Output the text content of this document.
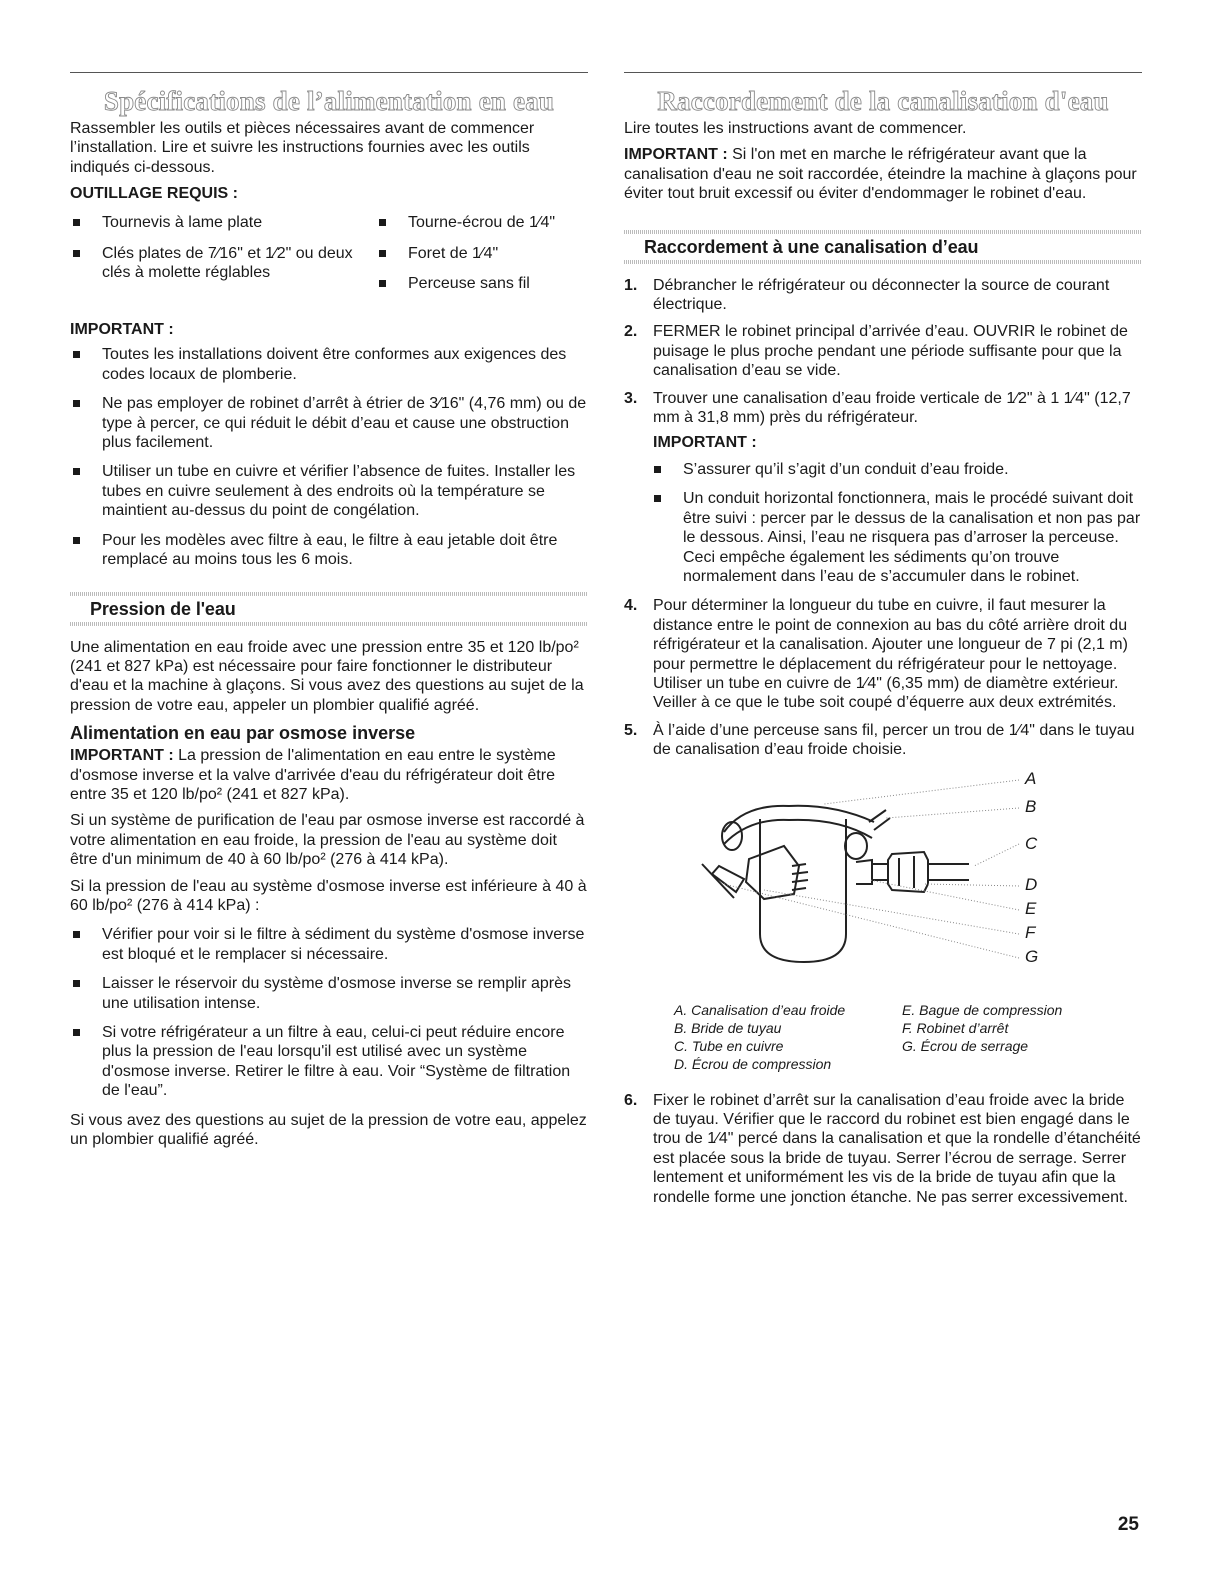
Spécifications de l’alimentation en eau

Rassembler les outils et pièces nécessaires avant de commencer l’installation. Lire et suivre les instructions fournies avec les outils indiqués ci-dessous.

OUTILLAGE REQUIS :
Tournevis à lame plate
Clés plates de 7⁄16" et 1⁄2" ou deux clés à molette réglables
Tourne-écrou de 1⁄4"
Foret de 1⁄4"
Perceuse sans fil
IMPORTANT :
Toutes les installations doivent être conformes aux exigences des codes locaux de plomberie.
Ne pas employer de robinet d’arrêt à étrier de 3⁄16" (4,76 mm) ou de type à percer, ce qui réduit le débit d’eau et cause une obstruction plus facilement.
Utiliser un tube en cuivre et vérifier l’absence de fuites. Installer les tubes en cuivre seulement à des endroits où la température se maintient au-dessus du point de congélation.
Pour les modèles avec filtre à eau, le filtre à eau jetable doit être remplacé au moins tous les 6 mois.
Pression de l'eau

Une alimentation en eau froide avec une pression entre 35 et 120 lb/po² (241 et 827 kPa) est nécessaire pour faire fonctionner le distributeur d'eau et la machine à glaçons. Si vous avez des questions au sujet de la pression de votre eau, appeler un plombier qualifié agréé.

Alimentation en eau par osmose inverse

IMPORTANT : La pression de l'alimentation en eau entre le système d'osmose inverse et la valve d'arrivée d'eau du réfrigérateur doit être entre 35 et 120 lb/po² (241 et 827 kPa).

Si un système de purification de l'eau par osmose inverse est raccordé à votre alimentation en eau froide, la pression de l'eau au système doit être d'un minimum de 40 à 60 lb/po² (276 à 414 kPa).

Si la pression de l'eau au système d'osmose inverse est inférieure à 40 à 60 lb/po² (276 à 414 kPa) :

Vérifier pour voir si le filtre à sédiment du système d'osmose inverse est bloqué et le remplacer si nécessaire.
Laisser le réservoir du système d'osmose inverse se remplir après une utilisation intense.
Si votre réfrigérateur a un filtre à eau, celui-ci peut réduire encore plus la pression de l'eau lorsqu'il est utilisé avec un système d'osmose inverse. Retirer le filtre à eau. Voir “Système de filtration de l'eau”.

Si vous avez des questions au sujet de la pression de votre eau, appelez un plombier qualifié agréé.

Raccordement de la canalisation d'eau

Lire toutes les instructions avant de commencer.

IMPORTANT : Si l'on met en marche le réfrigérateur avant que la canalisation d'eau ne soit raccordée, éteindre la machine à glaçons pour éviter tout bruit excessif ou éviter d'endommager le robinet d'eau.

Raccordement à une canalisation d’eau
1. Débrancher le réfrigérateur ou déconnecter la source de courant électrique.
2. FERMER le robinet principal d’arrivée d’eau. OUVRIR le robinet de puisage le plus proche pendant une période suffisante pour que la canalisation d’eau se vide.
3. Trouver une canalisation d’eau froide verticale de 1⁄2" à 1 1⁄4" (12,7 mm à 31,8 mm) près du réfrigérateur.
IMPORTANT :
S’assurer qu’il s’agit d’un conduit d’eau froide.
Un conduit horizontal fonctionnera, mais le procédé suivant doit être suivi : percer par le dessus de la canalisation et non pas par le dessous. Ainsi, l’eau ne risquera pas d’arroser la perceuse. Ceci empêche également les sédiments qu’on trouve normalement dans l’eau de s’accumuler dans le robinet.
4. Pour déterminer la longueur du tube en cuivre, il faut mesurer la distance entre le point de connexion au bas du côté arrière droit du réfrigérateur et la canalisation. Ajouter une longueur de 7 pi (2,1 m) pour permettre le déplacement du réfrigérateur pour le nettoyage. Utiliser un tube en cuivre de 1⁄4" (6,35 mm) de diamètre extérieur. Veiller à ce que le tube soit coupé d’équerre aux deux extrémités.
5. À l’aide d’une perceuse sans fil, percer un trou de 1⁄4" dans le tuyau de canalisation d’eau froide choisie.
A
B
C
D
E
F
G
A. Canalisation d’eau froide
B. Bride de tuyau
C. Tube en cuivre
D. Écrou de compression
E. Bague de compression
F. Robinet d’arrêt
G. Écrou de serrage
6. Fixer le robinet d’arrêt sur la canalisation d’eau froide avec la bride de tuyau. Vérifier que le raccord du robinet est bien engagé dans le trou de 1⁄4" percé dans la canalisation et que la rondelle d’étanchéité est placée sous la bride de tuyau. Serrer l’écrou de serrage. Serrer lentement et uniformément les vis de la bride de tuyau afin que la rondelle forme une jonction étanche. Ne pas serrer excessivement.
25
